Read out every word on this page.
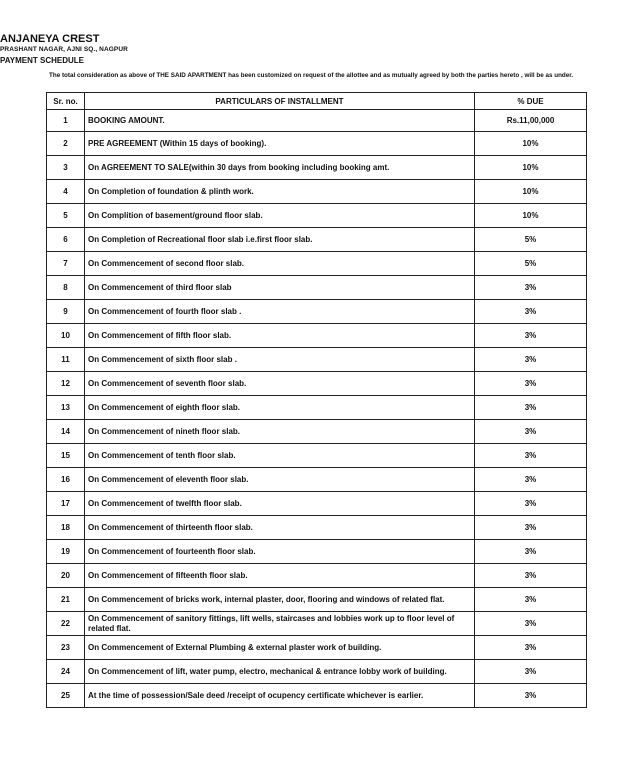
ANJANEYA CREST
PRASHANT NAGAR, AJNI SQ., NAGPUR
PAYMENT SCHEDULE
The total consideration as above of THE SAID APARTMENT has been customized on request of the allottee and as mutually agreed by both the parties hereto , will be as under.
Sr. no.	PARTICULARS OF INSTALLMENT	% DUE
1	BOOKING AMOUNT.	Rs.11,00,000
2	PRE AGREEMENT (Within 15 days of booking).	10%
3	On AGREEMENT TO SALE(within 30 days from booking including booking amt.	10%
4	On Completion of foundation & plinth work.	10%
5	On Complition of basement/ground floor slab.	10%
6	On Completion of Recreational floor slab i.e.first floor slab.	5%
7	On Commencement of second floor slab.	5%
8	On Commencement of third floor slab	3%
9	On Commencement of fourth floor slab .	3%
10	On Commencement of fifth floor slab.	3%
11	On Commencement of sixth floor slab .	3%
12	On Commencement of seventh floor slab.	3%
13	On Commencement of eighth floor slab.	3%
14	On Commencement of nineth floor slab.	3%
15	On Commencement of tenth floor slab.	3%
16	On Commencement of eleventh floor slab.	3%
17	On Commencement of twelfth floor slab.	3%
18	On Commencement of thirteenth floor slab.	3%
19	On Commencement of fourteenth floor slab.	3%
20	On Commencement of fifteenth floor slab.	3%
21	On Commencement of bricks work, internal plaster, door, flooring and windows of related flat.	3%
22	On Commencement of sanitory fittings, lift wells, staircases and lobbies work up to floor level of related flat.	3%
23	On Commencement of External Plumbing & external plaster work of building.	3%
24	On Commencement of lift, water pump, electro, mechanical & entrance lobby work of building.	3%
25	At the time of possession/Sale deed /receipt of ocupency certificate whichever is earlier.	3%
